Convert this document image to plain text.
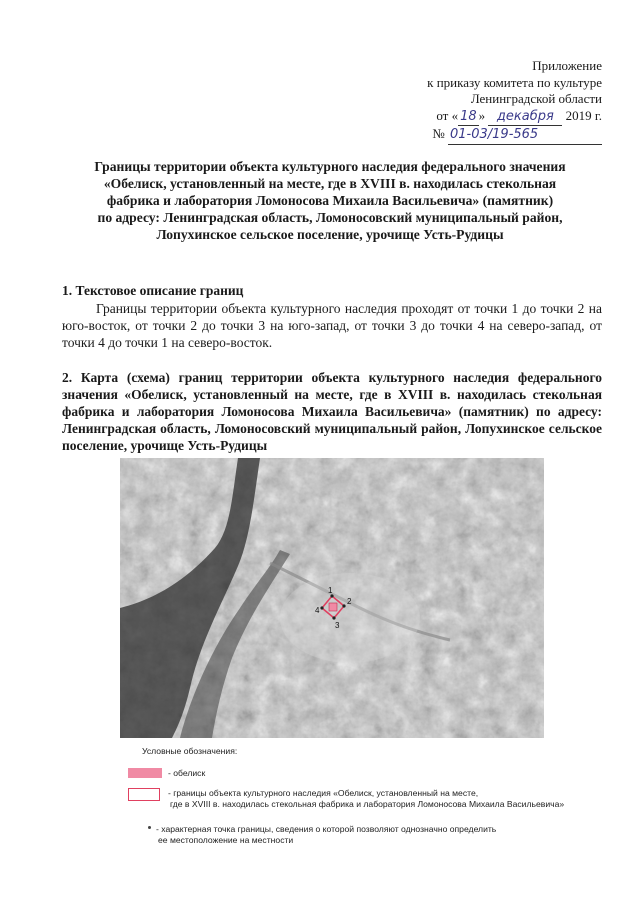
Приложение
к приказу комитета по культуре
Ленинградской области
от « 18 » декабря 2019 г.
№ 01-03/19-565
Границы территории объекта культурного наследия федерального значения
«Обелиск, установленный на месте, где в XVIII в. находилась стекольная
фабрика и лаборатория Ломоносова Михаила Васильевича» (памятник)
по адресу: Ленинградская область, Ломоносовский муниципальный район,
Лопухинское сельское поселение, урочище Усть-Рудицы
1. Текстовое описание границ
Границы территории объекта культурного наследия проходят от точки 1 до точки 2 на юго-восток, от точки 2 до точки 3 на юго-запад, от точки 3 до точки 4 на северо-запад, от точки 4 до точки 1 на северо-восток.
2. Карта (схема) границ территории объекта культурного наследия федерального значения «Обелиск, установленный на месте, где в XVIII в. находилась стекольная фабрика и лаборатория Ломоносова Михаила Васильевича» (памятник) по адресу: Ленинградская область, Ломоносовский муниципальный район, Лопухинское сельское поселение, урочище Усть-Рудицы
1
2
3
4
Условные обозначения:
- обелиск
- границы объекта культурного наследия «Обелиск, установленный на месте,
где в XVIII в. находилась стекольная фабрика и лаборатория Ломоносова Михаила Васильевича»
- характерная точка границы, сведения о которой позволяют однозначно определить
ее местоположение на местности
